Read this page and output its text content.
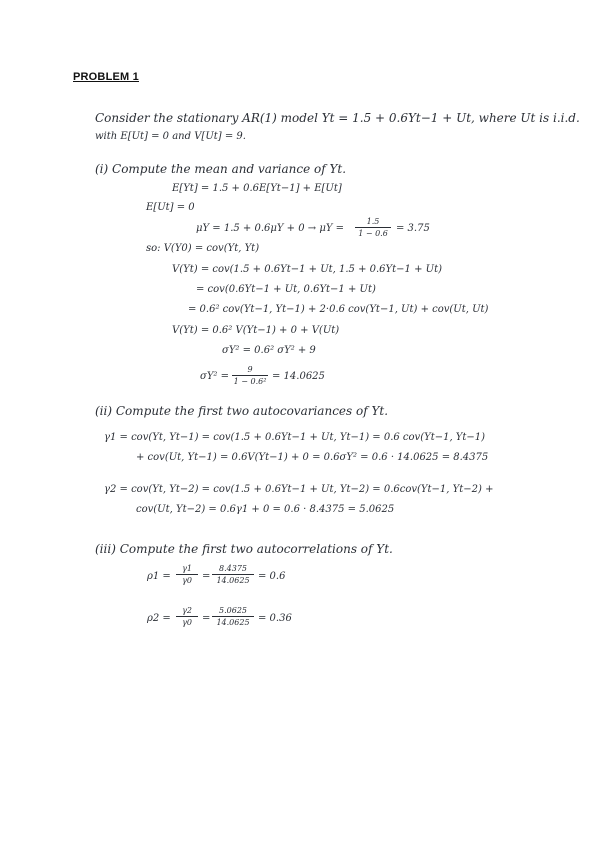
PROBLEM 1
Consider the stationary AR(1) model Yt = 1.5 + 0.6Yt−1 + Ut, where Ut is i.i.d.
with E[Ut] = 0 and V[Ut] = 9.
(i) Compute the mean and variance of Yt.
E[Yt] = 1.5 + 0.6E[Yt−1] + E[Ut]
E[Ut] = 0
μY = 1.5 + 0.6μY + 0 → μY =
1.5
1 − 0.6 = 3.75
so: V(Y0) = cov(Yt, Yt)
V(Yt) = cov(1.5 + 0.6Yt−1 + Ut, 1.5 + 0.6Yt−1 + Ut)
= cov(0.6Yt−1 + Ut, 0.6Yt−1 + Ut)
= 0.6² cov(Yt−1, Yt−1) + 2·0.6 cov(Yt−1, Ut) + cov(Ut, Ut)
V(Yt) = 0.6² V(Yt−1) + 0 + V(Ut)
σY² = 0.6² σY² + 9
σY² =
9
1 − 0.6² = 14.0625
(ii) Compute the first two autocovariances of Yt.
γ1 = cov(Yt, Yt−1) = cov(1.5 + 0.6Yt−1 + Ut, Yt−1) = 0.6 cov(Yt−1, Yt−1)
+ cov(Ut, Yt−1) = 0.6V(Yt−1) + 0 = 0.6σY² = 0.6 · 14.0625 = 8.4375
γ2 = cov(Yt, Yt−2) = cov(1.5 + 0.6Yt−1 + Ut, Yt−2) = 0.6cov(Yt−1, Yt−2) +
cov(Ut, Yt−2) = 0.6γ1 + 0 = 0.6 · 8.4375 = 5.0625
(iii) Compute the first two autocorrelations of Yt.
ρ1 =
γ1
γ0 =
8.4375
14.0625 = 0.6
ρ2 =
γ2
γ0 =
5.0625
14.0625 = 0.36
